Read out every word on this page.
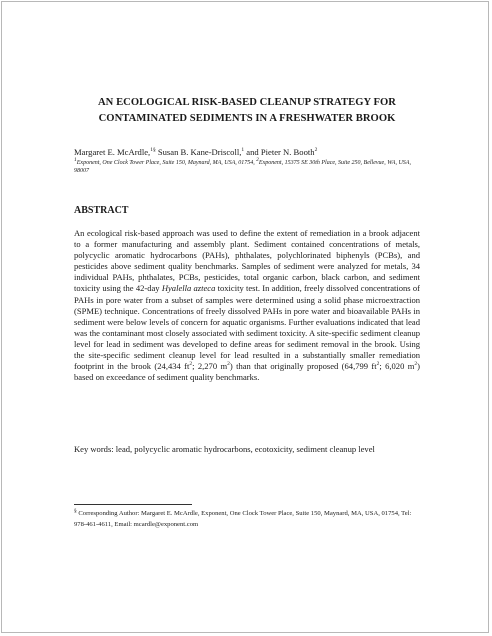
AN ECOLOGICAL RISK-BASED CLEANUP STRATEGY FOR
CONTAMINATED SEDIMENTS IN A FRESHWATER BROOK
Margaret E. McArdle,$^{1\S}$ Susan B. Kane-Driscoll,$^1$ and Pieter N. Booth$^2$
$^1$Exponent, One Clock Tower Place, Suite 150, Maynard, MA, USA, 01754, $^2$Exponent, 15375 SE 30th Place, Suite 250, Bellevue, WA, USA, 98007
ABSTRACT
An ecological risk-based approach was used to define the extent of remediation in a brook adjacent to a former manufacturing and assembly plant. Sediment contained concentrations of metals, polycyclic aromatic hydrocarbons (PAHs), phthalates, polychlorinated biphenyls (PCBs), and pesticides above sediment quality benchmarks. Samples of sediment were analyzed for metals, 34 individual PAHs, phthalates, PCBs, pesticides, total organic carbon, black carbon, and sediment toxicity using the 42-day Hyalella azteca toxicity test. In addition, freely dissolved concentrations of PAHs in pore water from a subset of samples were determined using a solid phase microextraction (SPME) technique. Concentrations of freely dissolved PAHs in pore water and bioavailable PAHs in sediment were below levels of concern for aquatic organisms. Further evaluations indicated that lead was the contaminant most closely associated with sediment toxicity. A site-specific sediment cleanup level for lead in sediment was developed to define areas for sediment removal in the brook. Using the site-specific sediment cleanup level for lead resulted in a substantially smaller remediation footprint in the brook (24,434 $ft^2$; 2,270 $m^2$) than that originally proposed (64,799 $ft^2$; 6,020 $m^2$) based on exceedance of sediment quality benchmarks.
Key words: lead, polycyclic aromatic hydrocarbons, ecotoxicity, sediment cleanup level
§ Corresponding Author: Margaret E. McArdle, Exponent, One Clock Tower Place, Suite 150, Maynard, MA, USA, 01754, Tel: 978-461-4611, Email: mcardle@exponent.com
